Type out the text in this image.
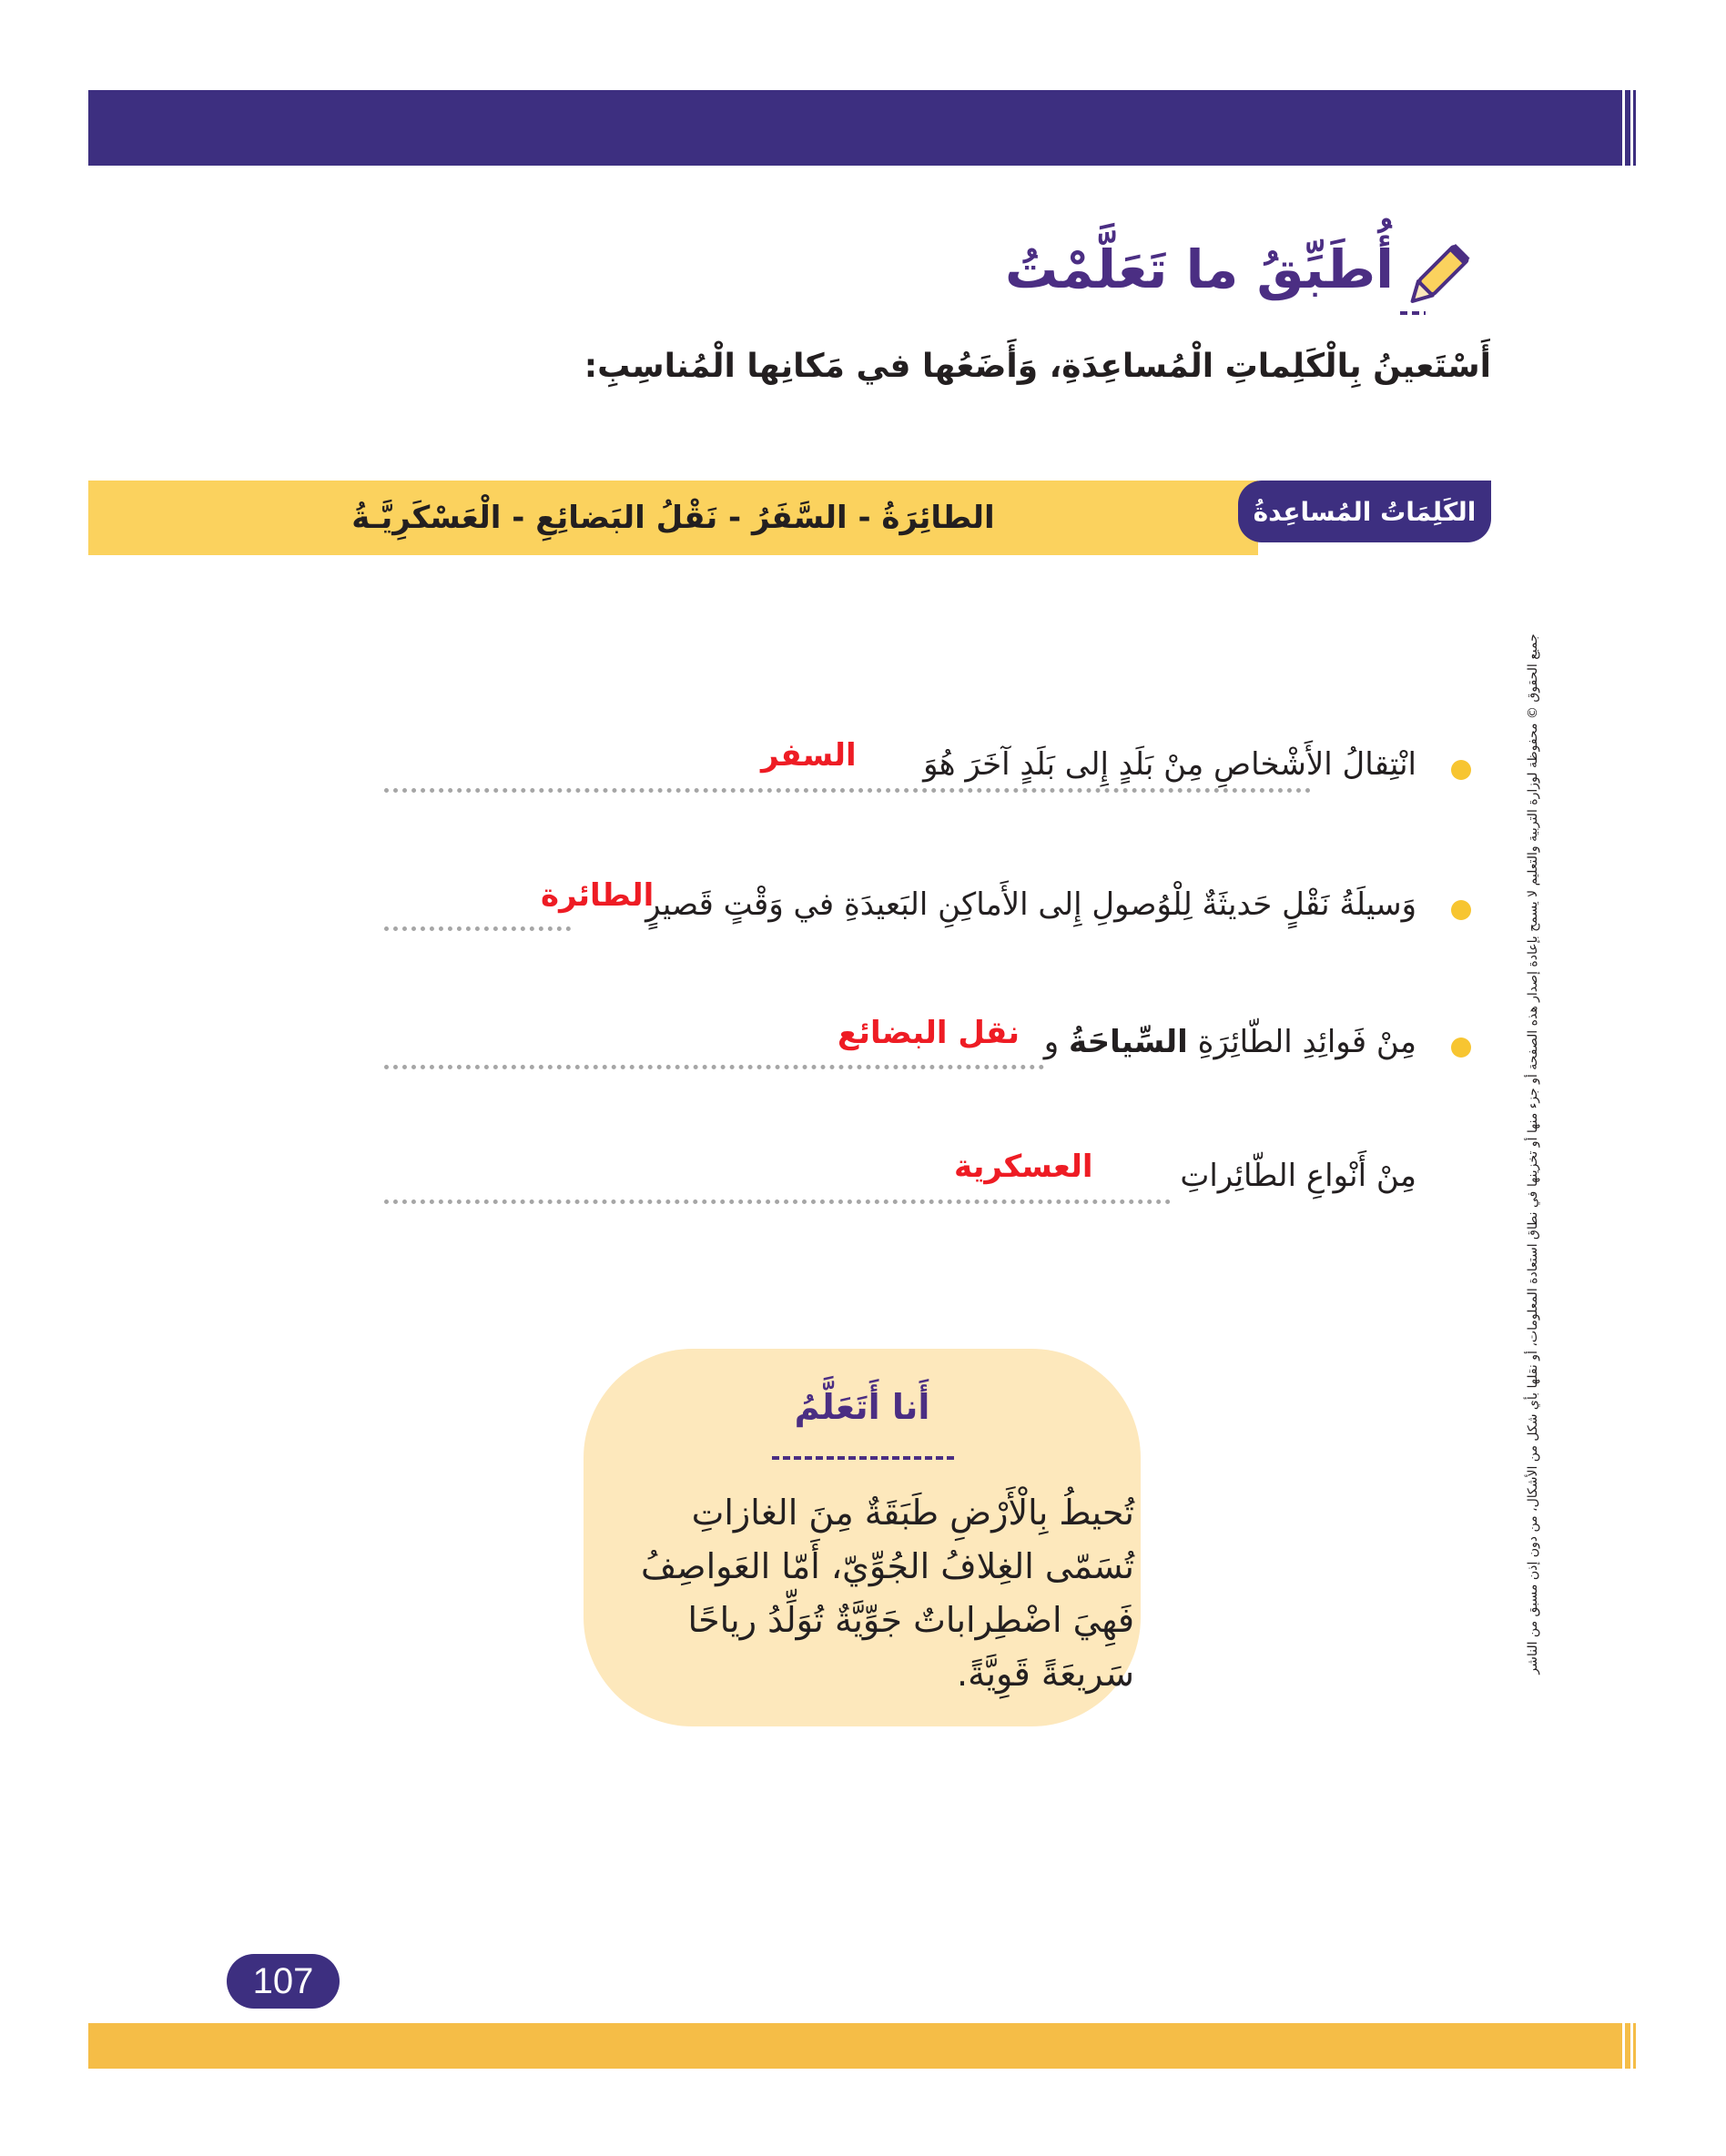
أُطَبِّقُ ما تَعَلَّمْتُ
أَسْتَعينُ بِالْكَلِماتِ الْمُساعِدَةِ، وَأَضَعُها في مَكانِها الْمُناسِبِ:
الطائِرَةُ - السَّفَرُ - نَقْلُ البَضائِعِ - الْعَسْكَرِيَّـةُ	الكَلِمَاتُ المُساعِدةُ
انْتِقالُ الأَشْخاصِ مِنْ بَلَدٍ إِلى بَلَدٍ آخَرَ هُوَ
السفر
وَسيلَةُ نَقْلٍ حَديثَةٌ لِلْوُصولِ إِلى الأَماكِنِ البَعيدَةِ في وَقْتٍ قَصيرٍ
الطائرة
مِنْ فَوائِدِ الطّائِرَةِ السِّياحَةُ و
نقل البضائع
مِنْ أَنْواعِ الطّائِراتِ
العسكرية
أَنا أَتَعَلَّمُ
تُحيطُ بِالْأَرْضِ طَبَقَةٌ مِنَ الغازاتِ تُسَمّى الغِلافُ الجُوِّيّ، أَمّا العَواصِفُ فَهِيَ اضْطِراباتٌ جَوِّيَّةٌ تُوَلِّدُ رياحًا سَريعَةً قَوِيَّةً.	جميع الحقوق © محفوظة لوزارة التربية والتعليم لا يسمح بإعادة إصدار هذه الصفحة أو جزء منها أو تخزينها في نطاق استعادة المعلومات، أو نقلها بأي شكل من الأشكال، من دون إذن مسبق من الناشر
107
